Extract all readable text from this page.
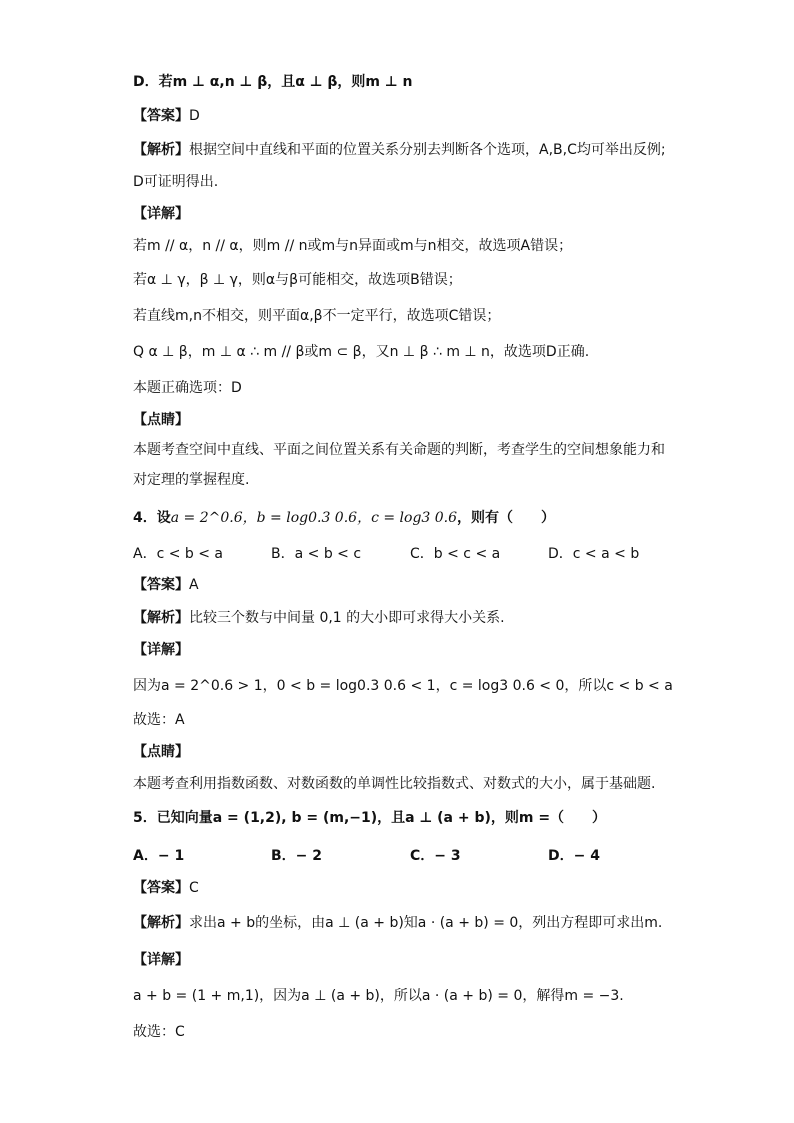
D．若m ⊥ α,n ⊥ β，且α ⊥ β，则m ⊥ n
【答案】D
【解析】根据空间中直线和平面的位置关系分别去判断各个选项，A,B,C均可举出反例;
D可证明得出.
【详解】
若m // α，n // α，则m // n或m与n异面或m与n相交，故选项A错误；
若α ⊥ γ，β ⊥ γ，则α与β可能相交，故选项B错误；
若直线m,n不相交，则平面α,β不一定平行，故选项C错误；
Q α ⊥ β，m ⊥ α ∴ m // β或m ⊂ β，又n ⊥ β ∴ m ⊥ n，故选项D正确.
本题正确选项：D
【点睛】
本题考查空间中直线、平面之间位置关系有关命题的判断，考查学生的空间想象能力和
对定理的掌握程度.
4．设a = 2^0.6，b = log0.3 0.6，c = log3 0.6，则有（　　）
A．c < b < a	B．a < b < c	C．b < c < a	D．c < a < b
【答案】A
【解析】比较三个数与中间量 0,1 的大小即可求得大小关系.
【详解】
因为a = 2^0.6 > 1，0 < b = log0.3 0.6 < 1，c = log3 0.6 < 0，所以c < b < a
故选：A
【点睛】
本题考查利用指数函数、对数函数的单调性比较指数式、对数式的大小，属于基础题.
5．已知向量a = (1,2), b = (m,−1)，且a ⊥ (a + b)，则m =（　　）
A．− 1	B．− 2	C．− 3	D．− 4
【答案】C
【解析】求出a + b的坐标，由a ⊥ (a + b)知a · (a + b) = 0，列出方程即可求出m.
【详解】
a + b = (1 + m,1)，因为a ⊥ (a + b)，所以a · (a + b) = 0，解得m = −3.
故选：C
